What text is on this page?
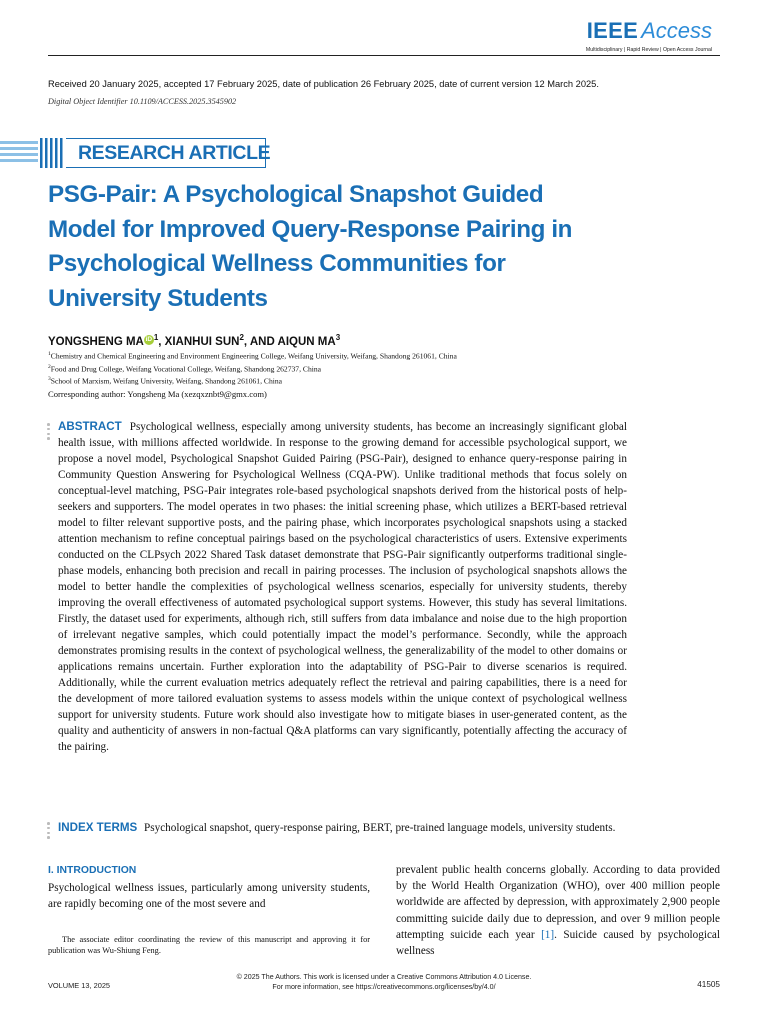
IEEE Access
Multidisciplinary | Rapid Review | Open Access Journal
Received 20 January 2025, accepted 17 February 2025, date of publication 26 February 2025, date of current version 12 March 2025.
Digital Object Identifier 10.1109/ACCESS.2025.3545902
RESEARCH ARTICLE
PSG-Pair: A Psychological Snapshot Guided Model for Improved Query-Response Pairing in Psychological Wellness Communities for University Students
YONGSHENG MA iD $^1$, XIANHUI SUN$^2$, AND AIQUN $MA^3$
$^1$Chemistry and Chemical Engineering and Environment Engineering College, Weifang University, Weifang, Shandong 261061, China
$^2$Food and Drug College, Weifang Vocational College, Weifang, Shandong 262737, China
$^3$School of Marxism, Weifang University, Weifang, Shandong 261061, China
Corresponding author: Yongsheng Ma (xezqxznbt9@gmx.com)
ABSTRACT Psychological wellness, especially among university students, has become an increasingly significant global health issue, with millions affected worldwide. In response to the growing demand for accessible psychological support, we propose a novel model, Psychological Snapshot Guided Pairing (PSG-Pair), designed to enhance query-response pairing in Community Question Answering for Psychological Wellness (CQA-PW). Unlike traditional methods that focus solely on conceptual-level matching, PSG-Pair integrates role-based psychological snapshots derived from the historical posts of help-seekers and supporters. The model operates in two phases: the initial screening phase, which utilizes a BERT-based retrieval model to filter relevant supportive posts, and the pairing phase, which incorporates psychological snapshots using a stacked attention mechanism to refine conceptual pairings based on the psychological characteristics of users. Extensive experiments conducted on the CLPsych 2022 Shared Task dataset demonstrate that PSG-Pair significantly outperforms traditional single-phase models, enhancing both precision and recall in pairing processes. The inclusion of psychological snapshots allows the model to better handle the complexities of psychological wellness scenarios, especially for university students, thereby improving the overall effectiveness of automated psychological support systems. However, this study has several limitations. Firstly, the dataset used for experiments, although rich, still suffers from data imbalance and noise due to the high proportion of irrelevant negative samples, which could potentially impact the model’s performance. Secondly, while the approach demonstrates promising results in the context of psychological wellness, the generalizability of the model to other domains or applications remains uncertain. Further exploration into the adaptability of PSG-Pair to diverse scenarios is required. Additionally, while the current evaluation metrics adequately reflect the retrieval and pairing capabilities, there is a need for the development of more tailored evaluation systems to assess models within the unique context of psychological wellness support for university students. Future work should also investigate how to mitigate biases in user-generated content, as the quality and authenticity of answers in non-factual Q&A platforms can vary significantly, potentially affecting the accuracy of the pairing.
INDEX TERMS Psychological snapshot, query-response pairing, BERT, pre-trained language models, university students.
I. INTRODUCTION
Psychological wellness issues, particularly among university students, are rapidly becoming one of the most severe and
The associate editor coordinating the review of this manuscript and approving it for publication was Wu-Shiung Feng.
prevalent public health concerns globally. According to data provided by the World Health Organization (WHO), over 400 million people worldwide are affected by depression, with approximately 2,900 people committing suicide daily due to depression, and over 9 million people attempting suicide each year [1]. Suicide caused by psychological wellness
© 2025 The Authors. This work is licensed under a Creative Commons Attribution 4.0 License.
For more information, see https://creativecommons.org/licenses/by/4.0/
VOLUME 13, 2025	41505
